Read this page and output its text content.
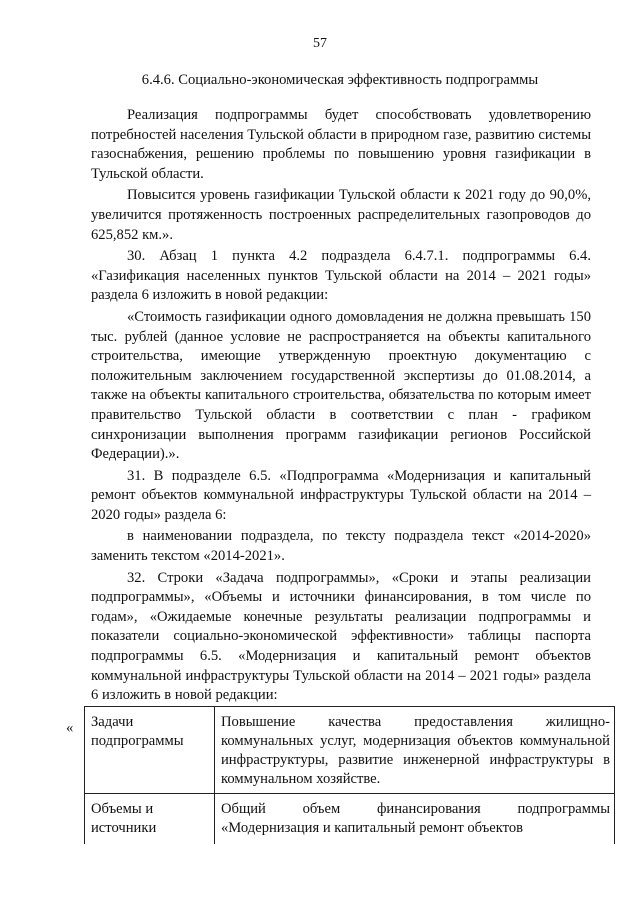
57
6.4.6. Социально-экономическая эффективность подпрограммы

Реализация подпрограммы будет способствовать удовлетворению потребностей населения Тульской области в природном газе, развитию системы газоснабжения, решению проблемы по повышению уровня газификации в Тульской области.

Повысится уровень газификации Тульской области к 2021 году до 90,0%, увеличится протяженность построенных распределительных газопроводов до 625,852 км.».

30. Абзац 1 пункта 4.2 подраздела 6.4.7.1. подпрограммы 6.4. «Газификация населенных пунктов Тульской области на 2014 – 2021 годы» раздела 6 изложить в новой редакции:

«Стоимость газификации одного домовладения не должна превышать 150 тыс. рублей (данное условие не распространяется на объекты капитального строительства, имеющие утвержденную проектную документацию с положительным заключением государственной экспертизы до 01.08.2014, а также на объекты капитального строительства, обязательства по которым имеет правительство Тульской области в соответствии с план - графиком синхронизации выполнения программ газификации регионов Российской Федерации).».

31. В подразделе 6.5. «Подпрограмма «Модернизация и капитальный ремонт объектов коммунальной инфраструктуры Тульской области на 2014 – 2020 годы» раздела 6:

в наименовании подраздела, по тексту подраздела текст «2014-2020» заменить текстом «2014-2021».

32. Строки «Задача подпрограммы», «Сроки и этапы реализации подпрограммы», «Объемы и источники финансирования, в том числе по годам», «Ожидаемые конечные результаты реализации подпрограммы и показатели социально-экономической эффективности» таблицы паспорта подпрограммы 6.5. «Модернизация и капитальный ремонт объектов коммунальной инфраструктуры Тульской области на 2014 – 2021 годы» раздела 6 изложить в новой редакции:

« Задачи подпрограммы	Повышение качества предоставления жилищно-коммунальных услуг, модернизация объектов коммунальной инфраструктуры, развитие инженерной инфраструктуры в коммунальном хозяйстве.
Объемы и источники	Общий объем финансирования подпрограммы «Модернизация и капитальный ремонт объектов
